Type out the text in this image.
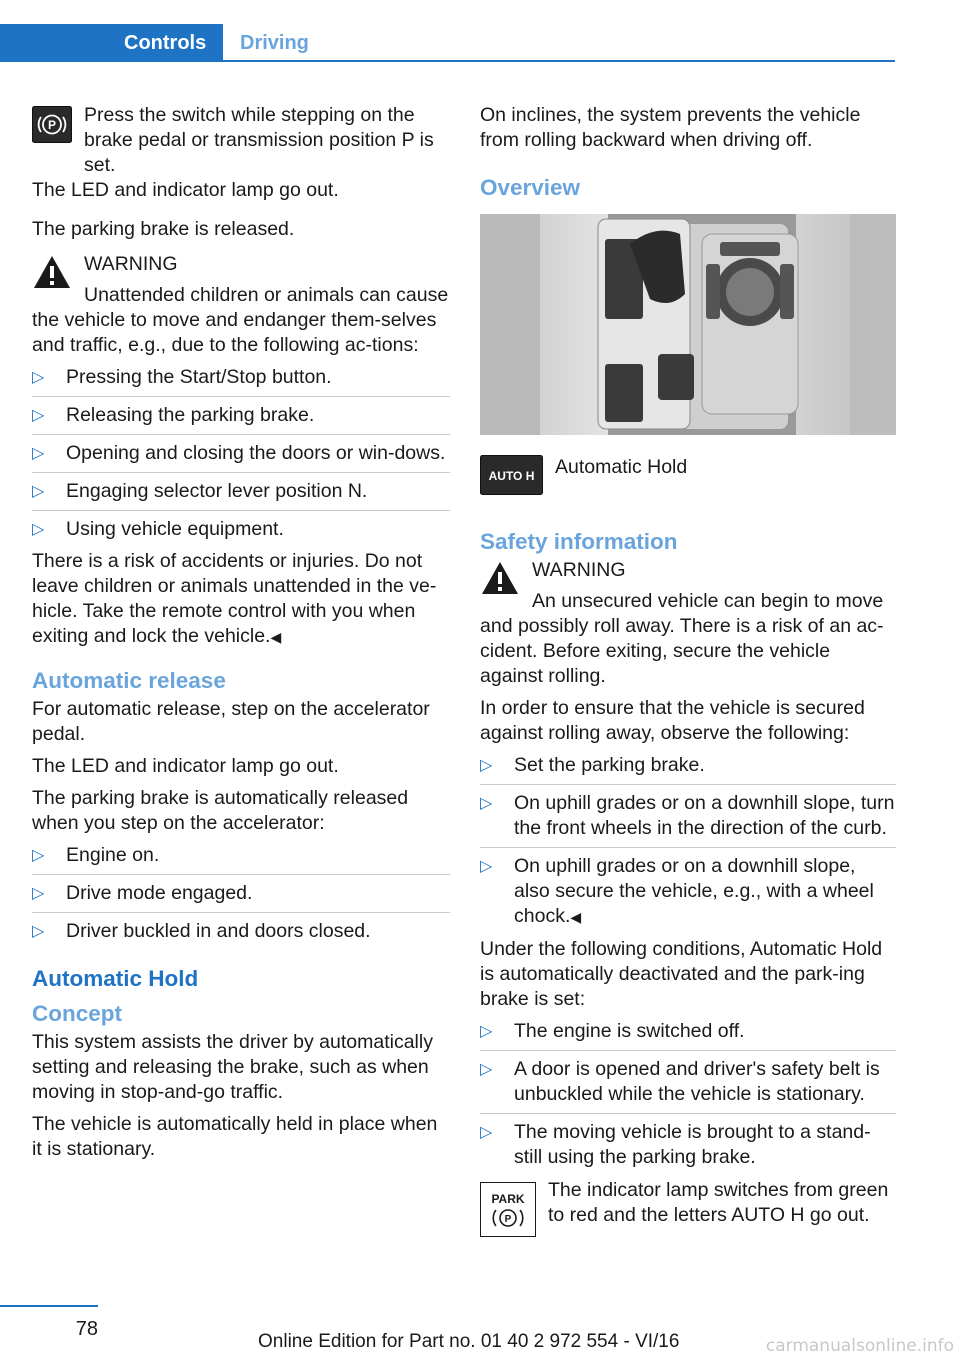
Controls	Driving
P Press the switch while stepping on the brake pedal or transmission position P is set.

The LED and indicator lamp go out.

The parking brake is released.

WARNING

Unattended children or animals can cause the vehicle to move and endanger them-selves and traffic, e.g., due to the following ac-tions:

▷ Pressing the Start/Stop button.
▷ Releasing the parking brake.
▷ Opening and closing the doors or win-dows.
▷ Engaging selector lever position N.
▷ Using vehicle equipment.

There is a risk of accidents or injuries. Do not leave children or animals unattended in the ve-hicle. Take the remote control with you when exiting and lock the vehicle.◀

Automatic release

For automatic release, step on the accelerator pedal.

The LED and indicator lamp go out.

The parking brake is automatically released when you step on the accelerator:

▷ Engine on.
▷ Drive mode engaged.
▷ Driver buckled in and doors closed.
Automatic Hold
Concept

This system assists the driver by automatically setting and releasing the brake, such as when moving in stop-and-go traffic.

The vehicle is automatically held in place when it is stationary.

On inclines, the system prevents the vehicle from rolling backward when driving off.

Overview
AUTO H Automatic Hold
Safety information
WARNING

An unsecured vehicle can begin to move and possibly roll away. There is a risk of an ac-cident. Before exiting, secure the vehicle against rolling.

In order to ensure that the vehicle is secured against rolling away, observe the following:

▷ Set the parking brake.
▷ On uphill grades or on a downhill slope, turn the front wheels in the direction of the curb.
▷ On uphill grades or on a downhill slope, also secure the vehicle, e.g., with a wheel chock.◀

Under the following conditions, Automatic Hold is automatically deactivated and the park-ing brake is set:

▷ The engine is switched off.
▷ A door is opened and driver's safety belt is unbuckled while the vehicle is stationary.
▷ The moving vehicle is brought to a stand-still using the parking brake.
PARK
P
The indicator lamp switches from green to red and the letters AUTO H go out.
78
Online Edition for Part no. 01 40 2 972 554 - VI/16	carmanualsonline.info
